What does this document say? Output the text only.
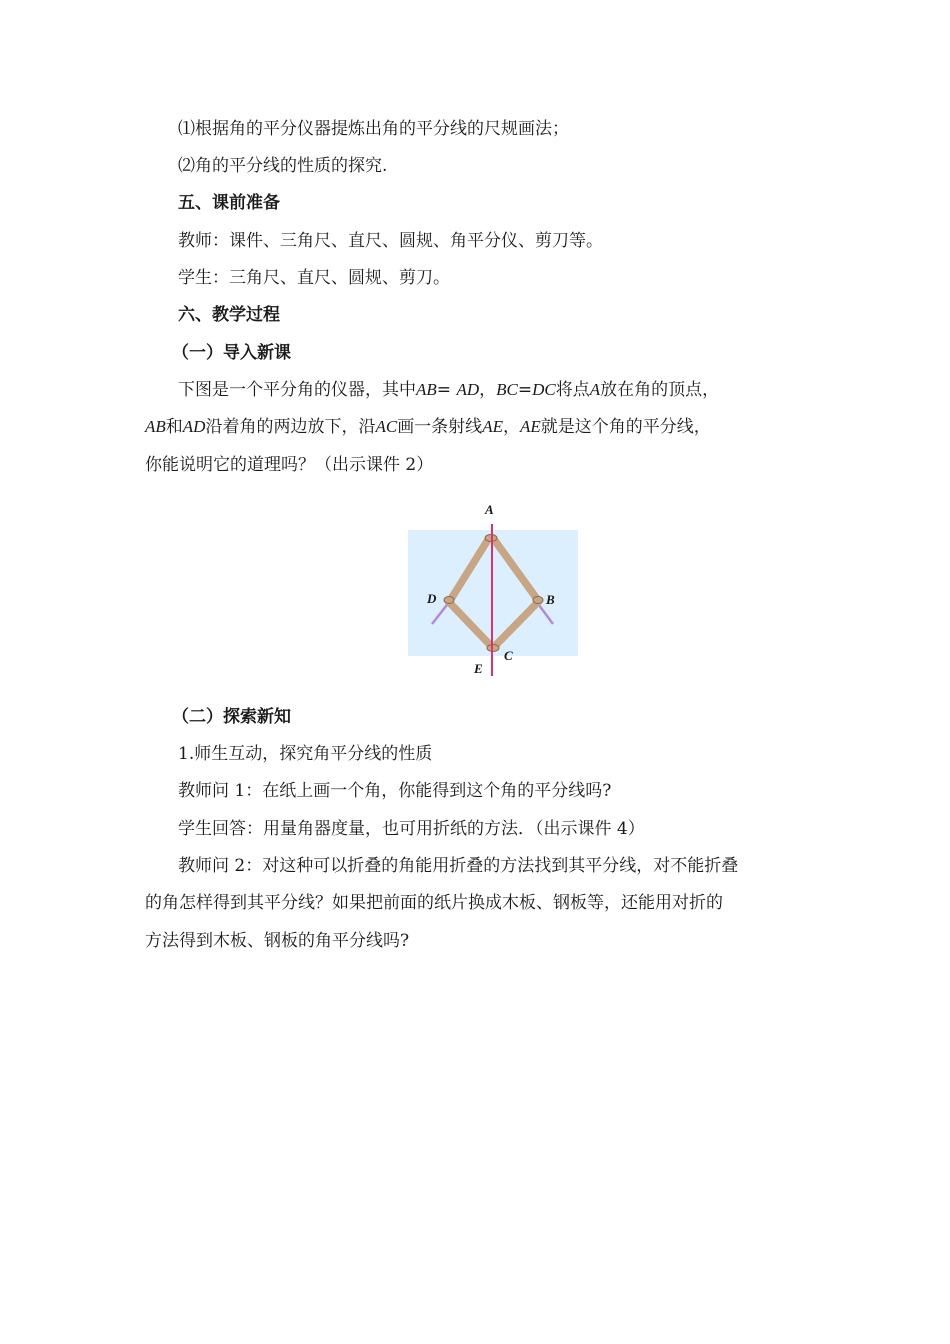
⑴根据角的平分仪器提炼出角的平分线的尺规画法；
⑵角的平分线的性质的探究.
五、课前准备
教师：课件、三角尺、直尺、圆规、角平分仪、剪刀等。
学生：三角尺、直尺、圆规、剪刀。
六、教学过程
（一）导入新课
下图是一个平分角的仪器，其中AB= AD，BC=DC将点A放在角的顶点，
AB和AD沿着角的两边放下，沿AC画一条射线AE，AE就是这个角的平分线，
你能说明它的道理吗？（出示课件 2）
A
B
C
D
E
（二）探索新知
1.师生互动，探究角平分线的性质
教师问 1：在纸上画一个角，你能得到这个角的平分线吗?
学生回答：用量角器度量，也可用折纸的方法．（出示课件 4）
教师问 2：对这种可以折叠的角能用折叠的方法找到其平分线，对不能折叠
的角怎样得到其平分线？如果把前面的纸片换成木板、钢板等，还能用对折的
方法得到木板、钢板的角平分线吗?
